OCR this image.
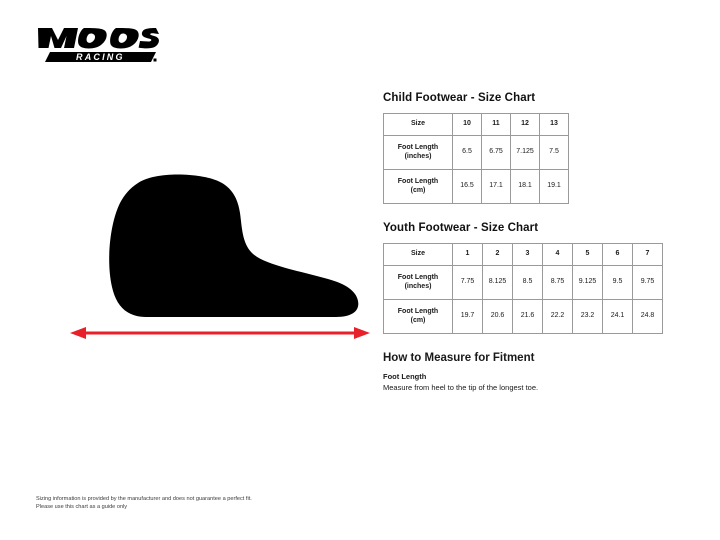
RACING
Child Footwear - Size Chart
Size	10	11	12	13
Foot Length
(inches)	6.5	6.75	7.125	7.5
Foot Length
(cm)	16.5	17.1	18.1	19.1
Youth Footwear - Size Chart
Size	1	2	3	4	5	6	7
Foot Length
(inches)	7.75	8.125	8.5	8.75	9.125	9.5	9.75
Foot Length
(cm)	19.7	20.6	21.6	22.2	23.2	24.1	24.8
How to Measure for Fitment

Foot Length

Measure from heel to the tip of the longest toe.

Sizing information is provided by the manufacturer and does not guarantee a perfect fit.

Please use this chart as a guide only
